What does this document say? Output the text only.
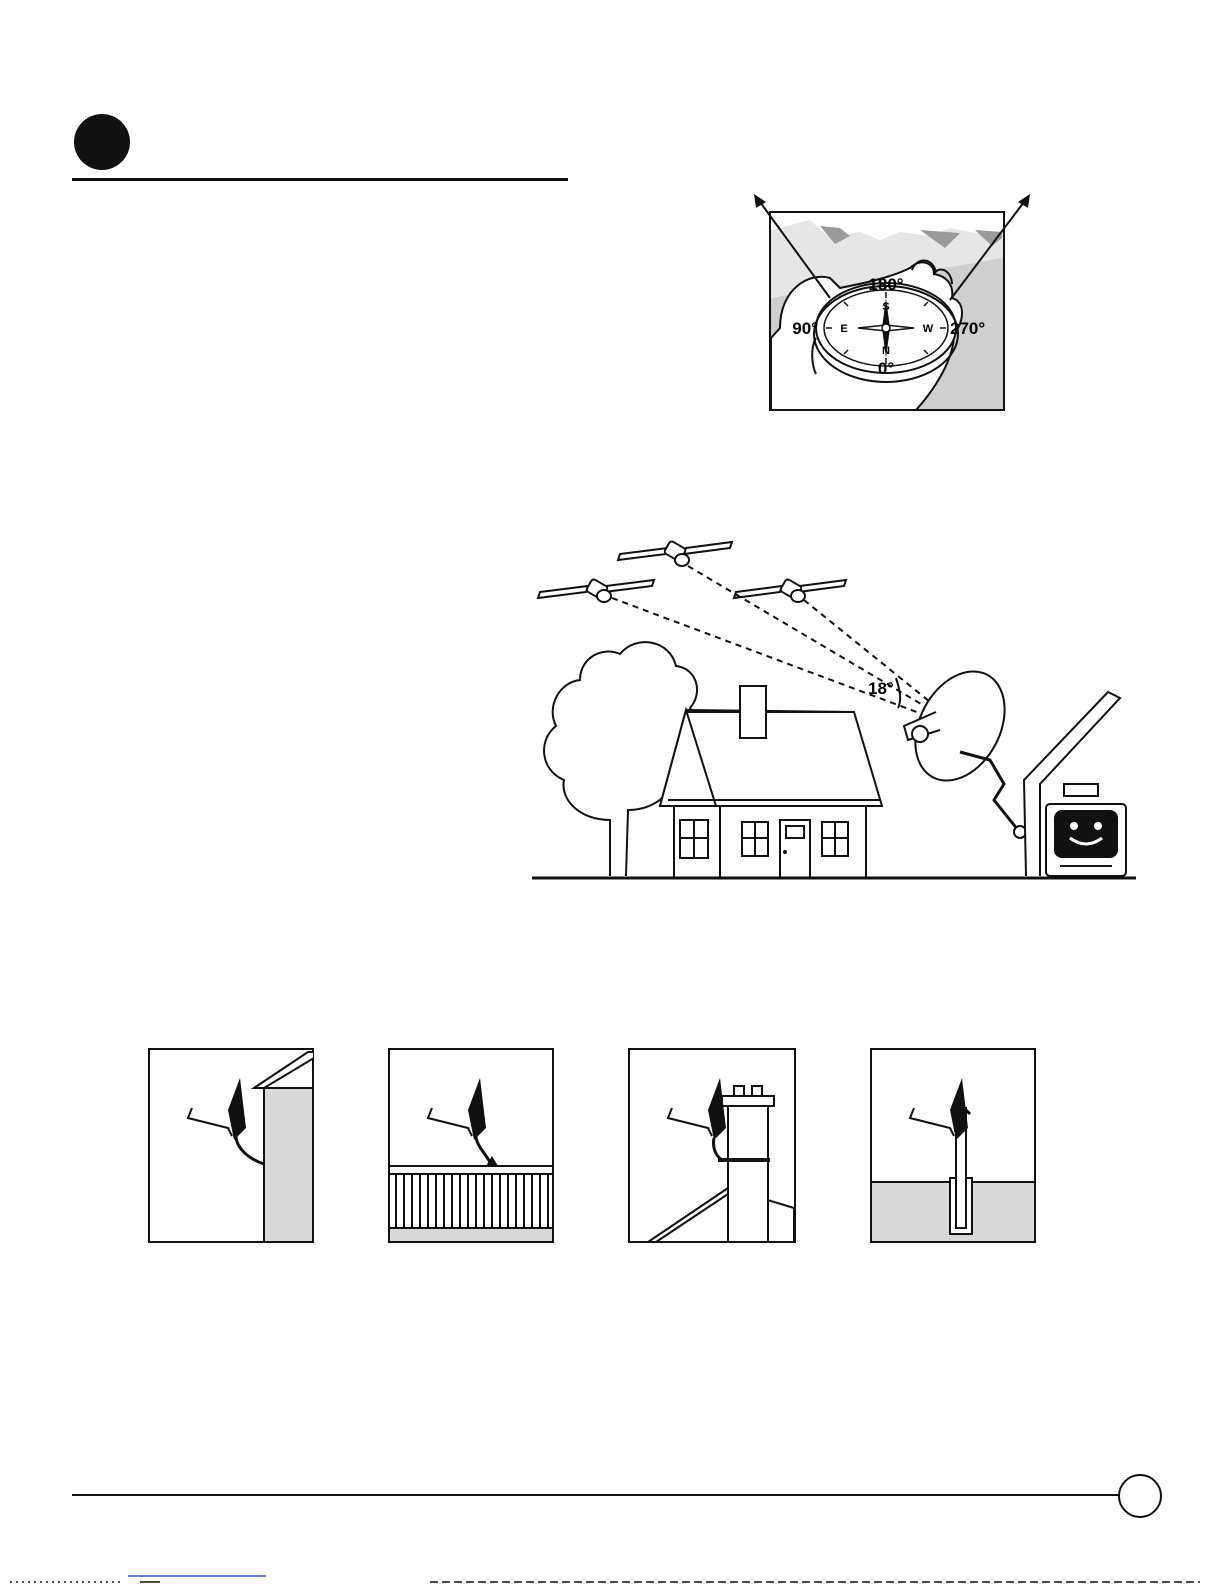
180°
0°
90°	270°
S
N
E	W
18°
